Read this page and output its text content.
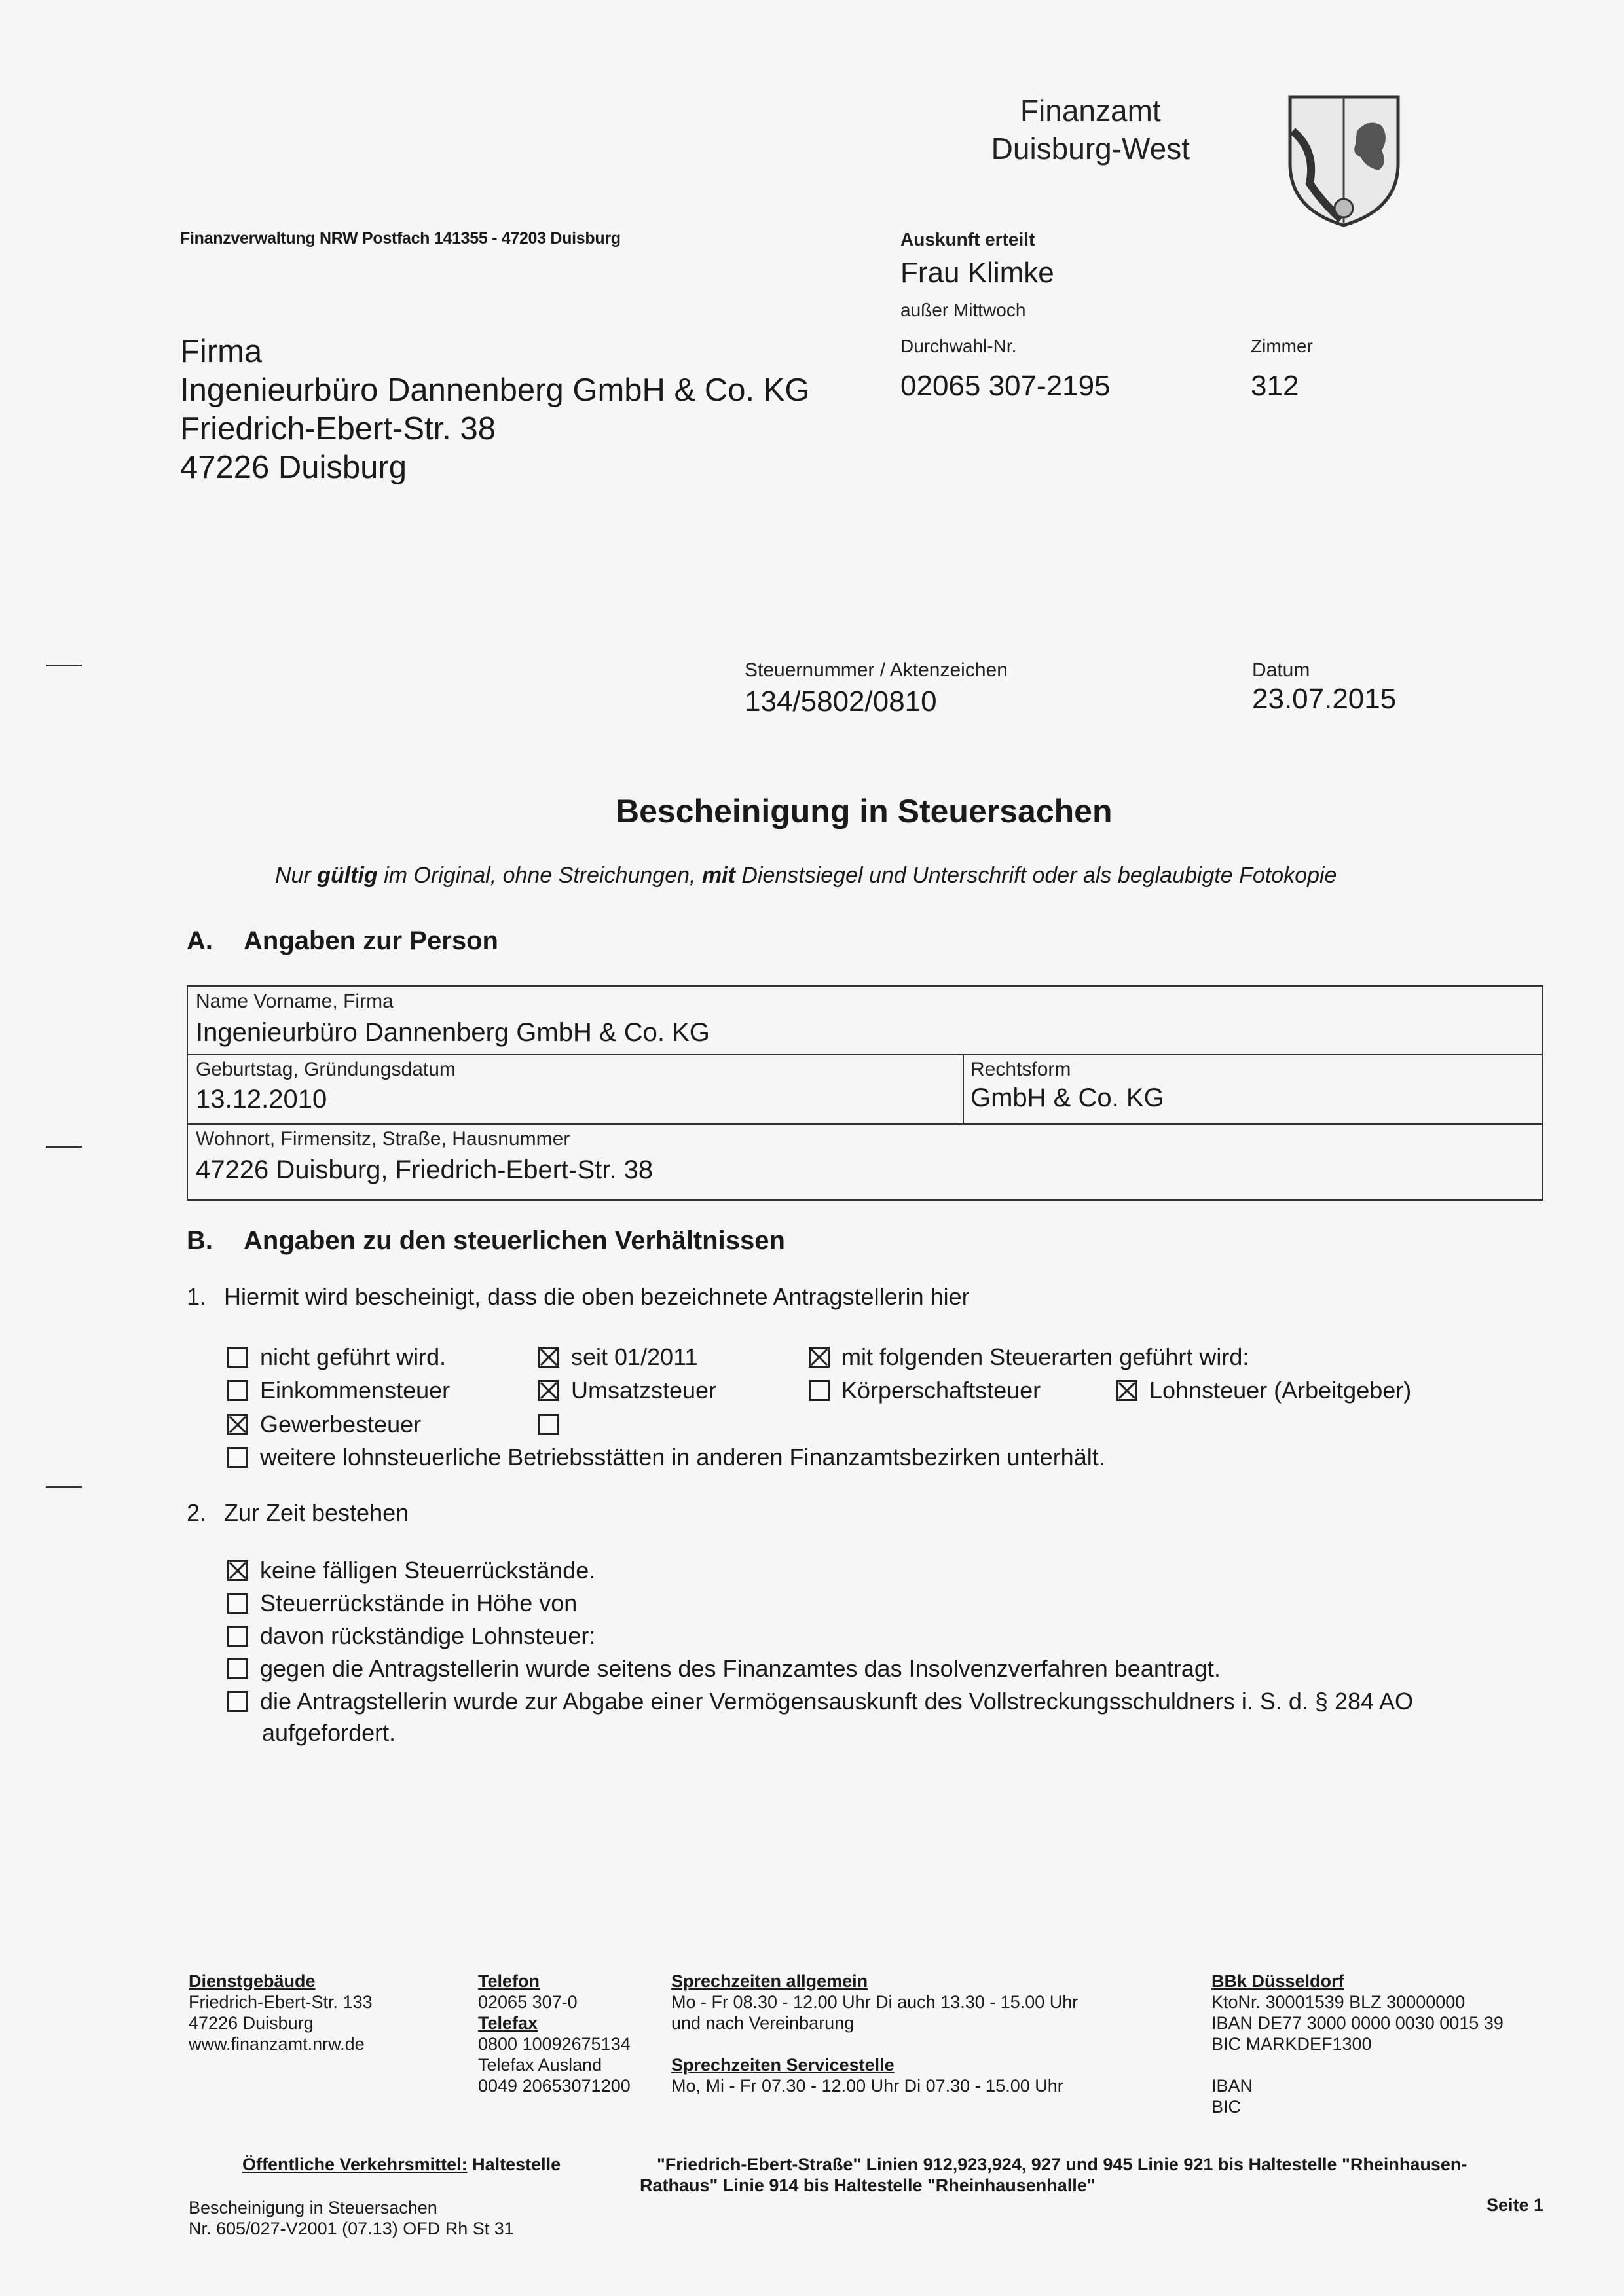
Finanzamt
Duisburg-West
Finanzverwaltung NRW Postfach 141355 - 47203 Duisburg	Auskunft erteilt
Frau Klimke
außer Mittwoch
Durchwahl-Nr.	Zimmer
02065 307-2195	312
Firma
Ingenieurbüro Dannenberg GmbH & Co. KG
Friedrich-Ebert-Str. 38
47226 Duisburg
Steuernummer / Aktenzeichen
134/5802/0810
Datum
23.07.2015
Bescheinigung in Steuersachen
Nur gültig im Original, ohne Streichungen, mit Dienstsiegel und Unterschrift oder als beglaubigte Fotokopie
A. Angaben zur Person
Name Vorname, Firma
Ingenieurbüro Dannenberg GmbH & Co. KG
Geburtstag, Gründungsdatum
13.12.2010
Rechtsform
GmbH & Co. KG
Wohnort, Firmensitz, Straße, Hausnummer
47226 Duisburg, Friedrich-Ebert-Str. 38
B. Angaben zu den steuerlichen Verhältnissen
1. Hiermit wird bescheinigt, dass die oben bezeichnete Antragstellerin hier
nicht geführt wird.	seit 01/2011	mit folgenden Steuerarten geführt wird:
Einkommensteuer	Umsatzsteuer	Körperschaftsteuer	Lohnsteuer (Arbeitgeber)
Gewerbesteuer
weitere lohnsteuerliche Betriebsstätten in anderen Finanzamtsbezirken unterhält.
2. Zur Zeit bestehen
keine fälligen Steuerrückstände.
Steuerrückstände in Höhe von
davon rückständige Lohnsteuer:
gegen die Antragstellerin wurde seitens des Finanzamtes das Insolvenzverfahren beantragt.
die Antragstellerin wurde zur Abgabe einer Vermögensauskunft des Vollstreckungsschuldners i. S. d. § 284 AO
aufgefordert.
Dienstgebäude
Friedrich-Ebert-Str. 133
47226 Duisburg
www.finanzamt.nrw.de
Telefon
02065 307-0
Telefax
0800 10092675134
Telefax Ausland
0049 20653071200
Sprechzeiten allgemein
Mo - Fr 08.30 - 12.00 Uhr Di auch 13.30 - 15.00 Uhr
und nach Vereinbarung
Sprechzeiten Servicestelle
Mo, Mi - Fr 07.30 - 12.00 Uhr Di 07.30 - 15.00 Uhr
BBk Düsseldorf
KtoNr. 30001539 BLZ 30000000
IBAN DE77 3000 0000 0030 0015 39
BIC MARKDEF1300
IBAN
BIC
Öffentliche Verkehrsmittel: Haltestelle	"Friedrich-Ebert-Straße" Linien 912,923,924, 927 und 945 Linie 921 bis Haltestelle "Rheinhausen-
Rathaus" Linie 914 bis Haltestelle "Rheinhausenhalle"
Bescheinigung in Steuersachen
Nr. 605/027-V2001 (07.13) OFD Rh St 31
Seite 1
